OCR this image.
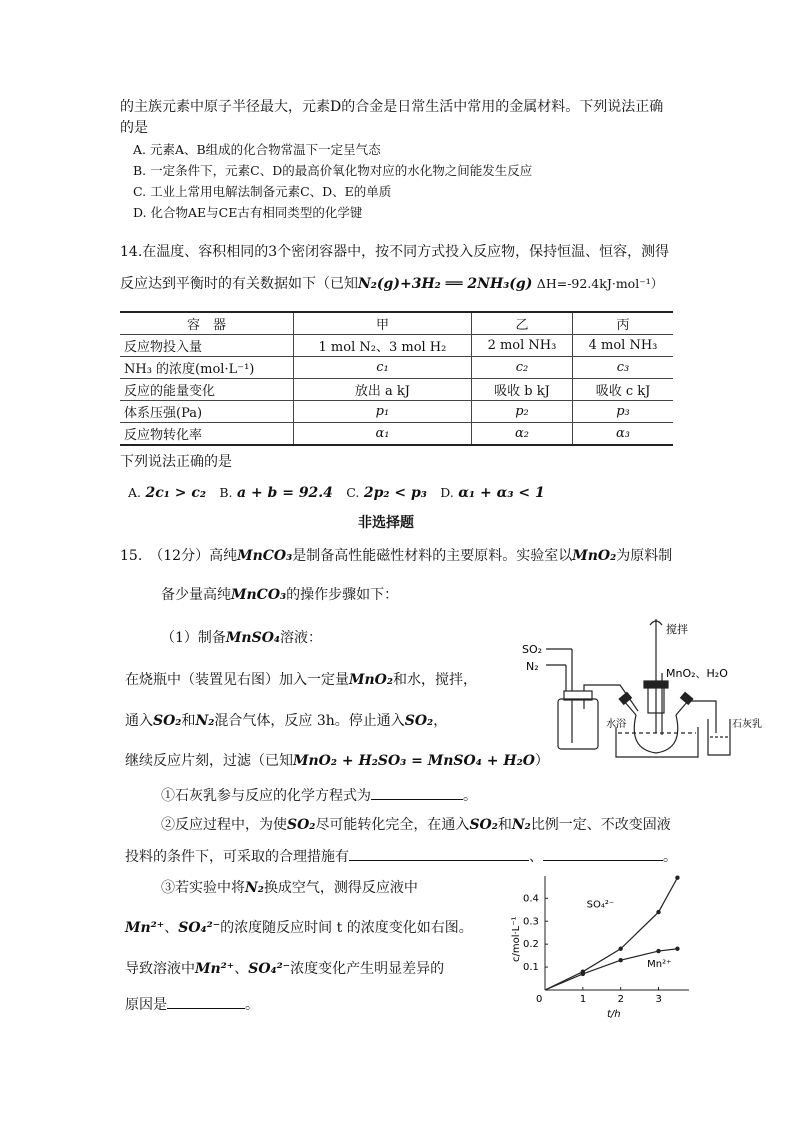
的主族元素中原子半径最大，元素D的合金是日常生活中常用的金属材料。下列说法正确
的是
A. 元素A、B组成的化合物常温下一定呈气态
B. 一定条件下，元素C、D的最高价氧化物对应的水化物之间能发生反应
C. 工业上常用电解法制备元素C、D、E的单质
D. 化合物AE与CE古有相同类型的化学键
14.在温度、容积相同的3个密闭容器中，按不同方式投入反应物，保持恒温、恒容，测得
反应达到平衡时的有关数据如下（已知N₂(g)+3H₂ ══ 2NH₃(g) ΔH=-92.4kJ·mol⁻¹）
容　器	甲	乙	丙
反应物投入量	1 mol N₂、3 mol H₂	2 mol NH₃	4 mol NH₃
NH₃ 的浓度(mol·L⁻¹)	c₁	c₂	c₃
反应的能量变化	放出 a kJ	吸收 b kJ	吸收 c kJ
体系压强(Pa)	p₁	p₂	p₃
反应物转化率	α₁	α₂	α₃
下列说法正确的是
A. 2c₁ > c₂ B. a + b = 92.4 C. 2p₂ < p₃ D. α₁ + α₃ < 1
非选择题
15.　（12分）高纯MnCO₃是制备高性能磁性材料的主要原料。实验室以MnO₂为原料制
备少量高纯MnCO₃的操作步骤如下：
（1）制备MnSO₄溶液：
在烧瓶中（装置见右图）加入一定量MnO₂和水，搅拌，
通入SO₂和N₂混合气体，反应 3h。停止通入SO₂，
继续反应片刻，过滤（已知MnO₂ + H₂SO₃ = MnSO₄ + H₂O）
①石灰乳参与反应的化学方程式为	。
②反应过程中，为使SO₂尽可能转化完全，在通入SO₂和N₂比例一定、不改变固液
投料的条件下，可采取的合理措施有	、	。
③若实验中将N₂换成空气，测得反应液中
Mn²⁺、SO₄²⁻的浓度随反应时间 t 的浓度变化如右图。
导致溶液中Mn²⁺、SO₄²⁻浓度变化产生明显差异的
原因是	。
搅拌
SO₂
N₂
MnO₂、H₂O
水浴	石灰乳
0	1	2	3
0.1
0.2
0.3
0.4
t/h
c/mol·L⁻¹
SO₄²⁻
Mn²⁺
